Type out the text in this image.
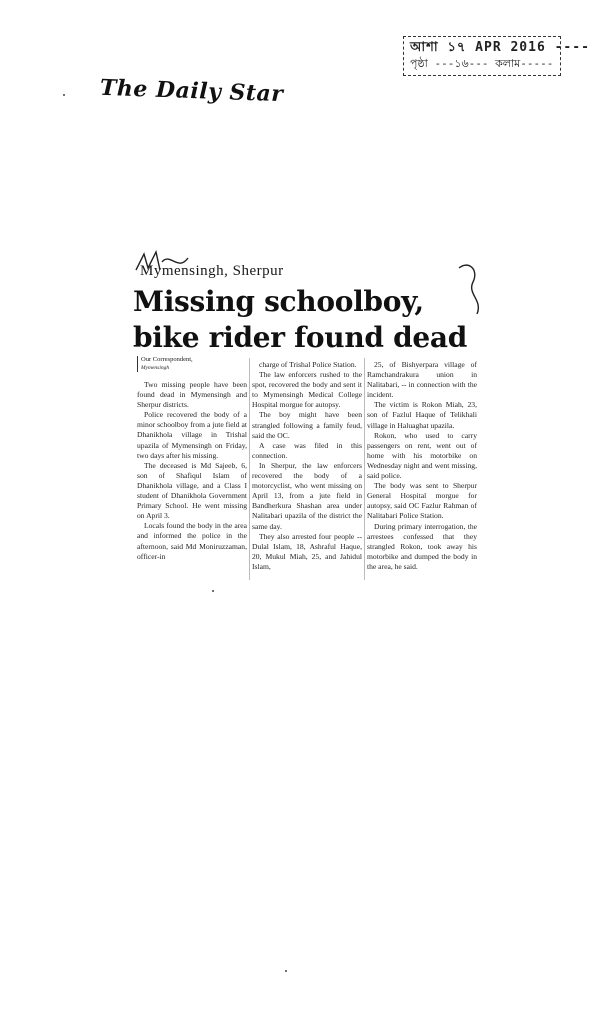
আশা ১৭ APR 2016 ----
পৃষ্ঠা ---১৬--- কলাম-----
The Daily Star
Mymensingh, Sherpur
Missing schoolboy, bike rider found dead
Our Correspondent,
Mymensingh

Two missing people have been found dead in Mymensingh and Sherpur districts.

Police recovered the body of a minor schoolboy from a jute field at Dhanikhola village in Trishal upazila of Mymensingh on Friday, two days after his missing.

The deceased is Md Sajeeb, 6, son of Shafiqul Islam of Dhanikhola village, and a Class I student of Dhanikhola Government Primary School. He went missing on April 3.

Locals found the body in the area and informed the police in the afternoon, said Md Moniruzzaman, officer-in

charge of Trishal Police Station.

The law enforcers rushed to the spot, recovered the body and sent it to Mymensingh Medical College Hospital morgue for autopsy.

The boy might have been strangled following a family feud, said the OC.

A case was filed in this connection.

In Sherpur, the law enforcers recovered the body of a motorcyclist, who went missing on April 13, from a jute field in Bandherkura Shashan area under Nalitabari upazila of the district the same day.

They also arrested four people -- Dulal Islam, 18, Ashraful Haque, 20, Mukul Miah, 25, and Jahidul Islam,

25, of Bishyerpara village of Ramchandrakura union in Nalitabari, -- in connection with the incident.

The victim is Rokon Miah, 23, son of Fazlul Haque of Telikhali village in Haluaghat upazila.

Rokon, who used to carry passengers on rent, went out of home with his motorbike on Wednesday night and went missing, said police.

The body was sent to Sherpur General Hospital morgue for autopsy, said OC Fazlur Rahman of Nalitabari Police Station.

During primary interrogation, the arrestees confessed that they strangled Rokon, took away his motorbike and dumped the body in the area, he said.
